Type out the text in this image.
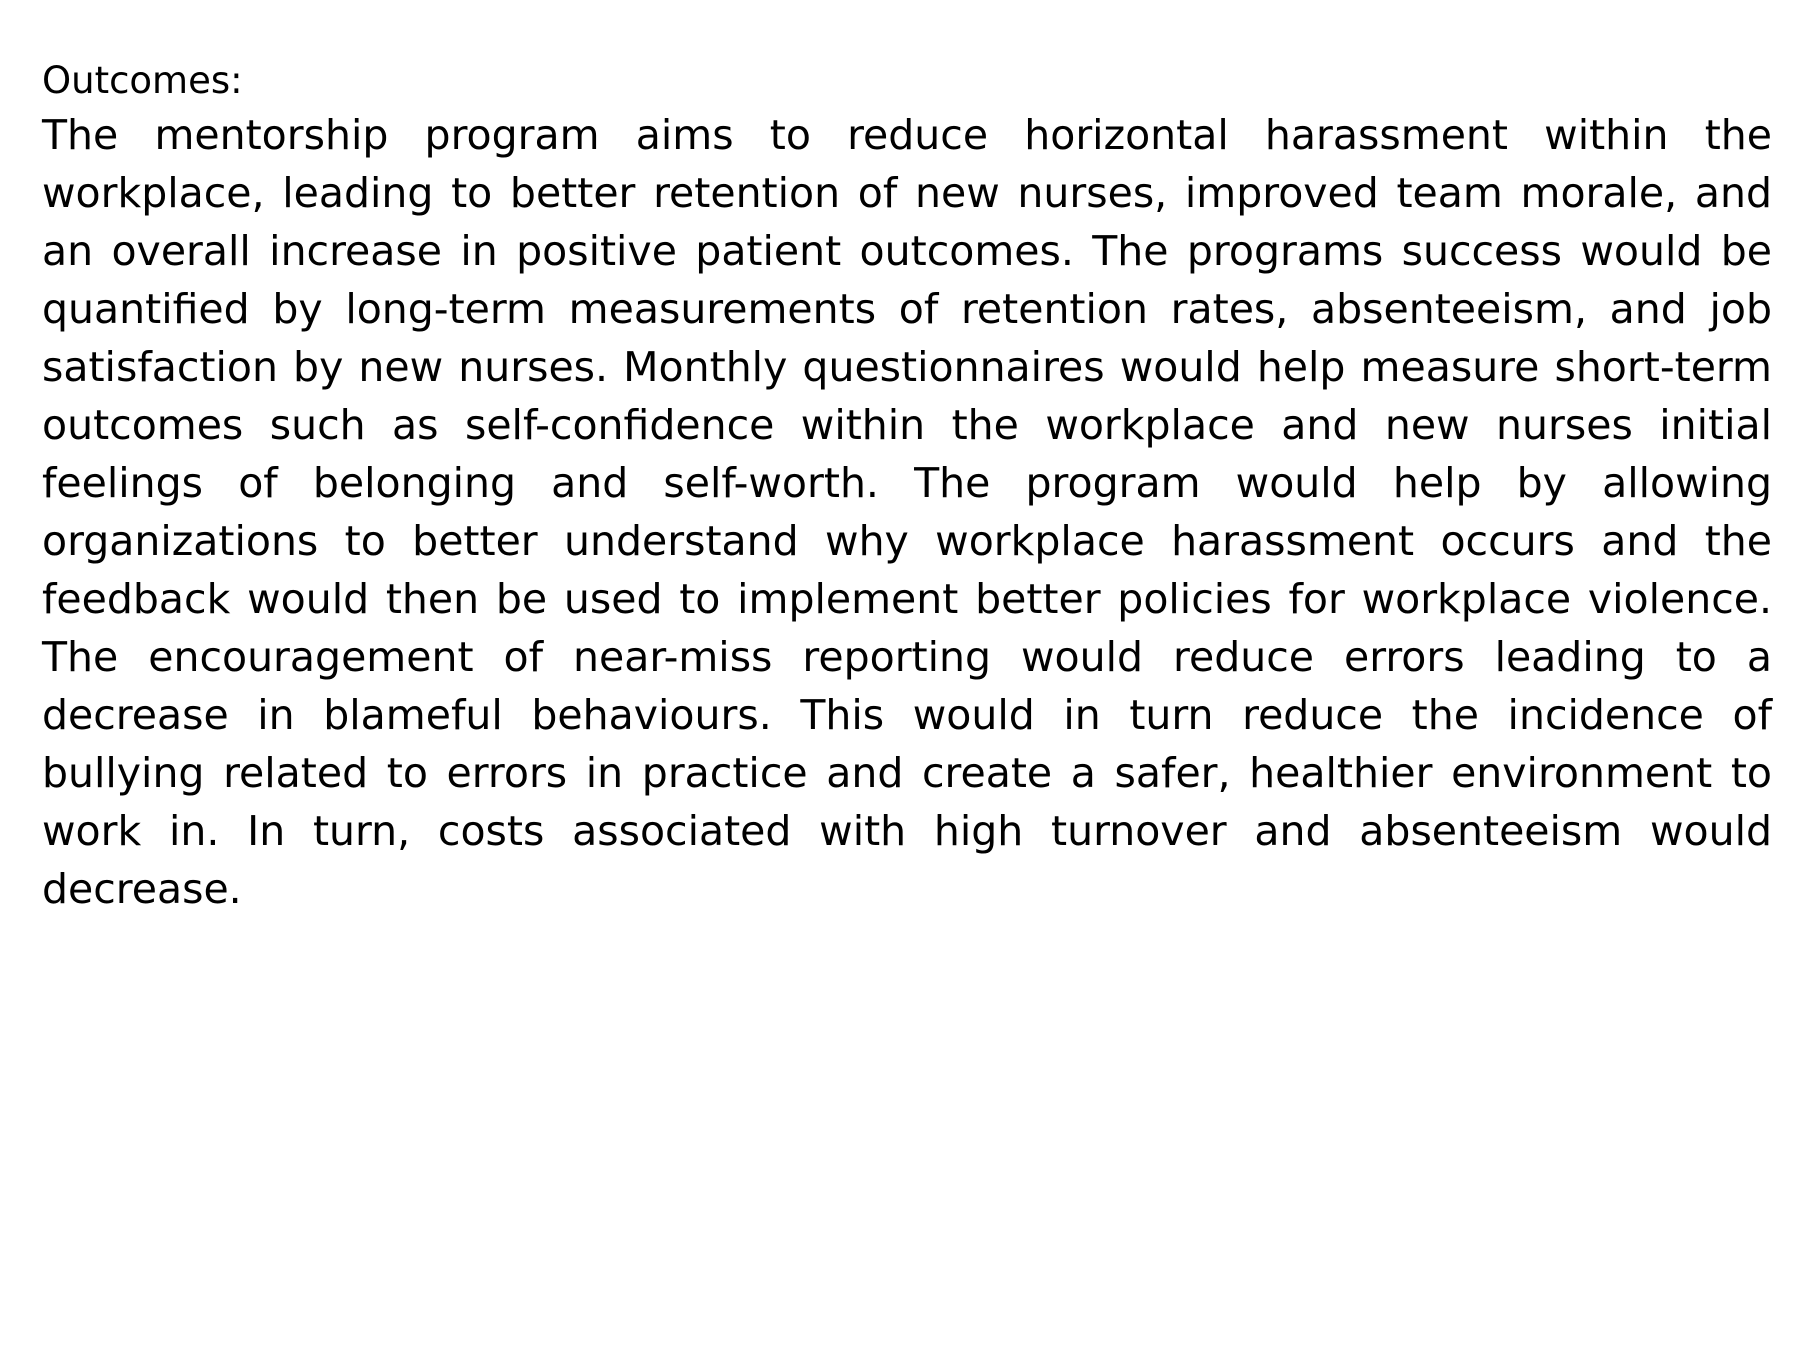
Outcomes:

The mentorship program aims to reduce horizontal harassment within the workplace, leading to better retention of new nurses, improved team morale, and an overall increase in positive patient outcomes. The programs success would be quantified by long-term measurements of retention rates, absenteeism, and job satisfaction by new nurses. Monthly questionnaires would help measure short-term outcomes such as self-confidence within the workplace and new nurses initial feelings of belonging and self-worth. The program would help by allowing organizations to better understand why workplace harassment occurs and the feedback would then be used to implement better policies for workplace violence. The encouragement of near-miss reporting would reduce errors leading to a decrease in blameful behaviours. This would in turn reduce the incidence of bullying related to errors in practice and create a safer, healthier environment to work in. In turn, costs associated with high turnover and absenteeism would decrease.
